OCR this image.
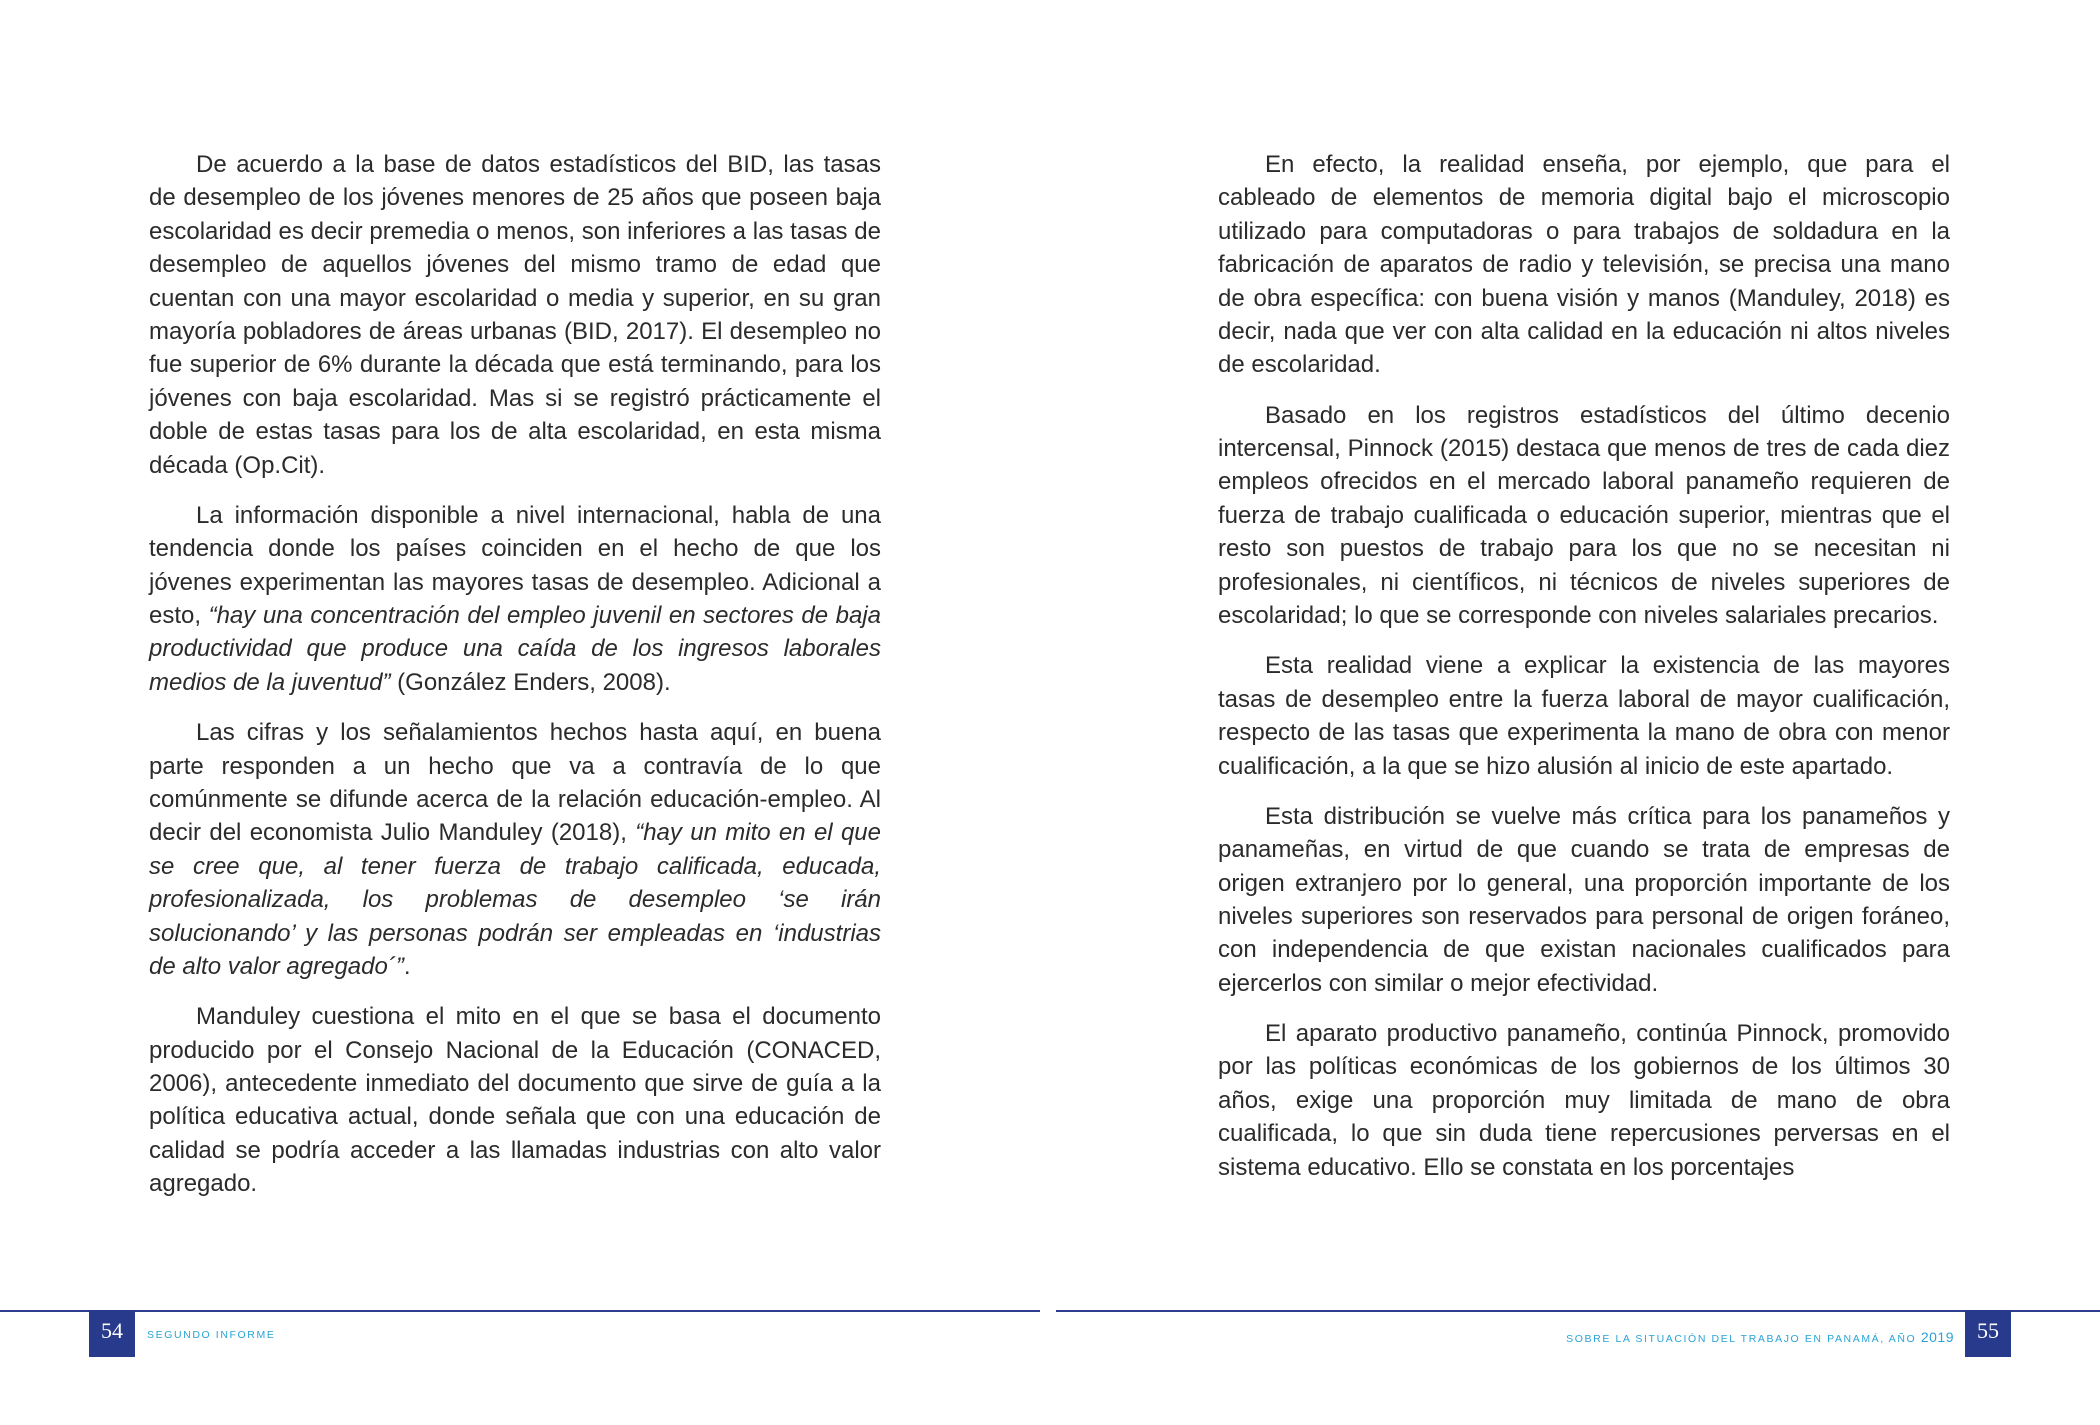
De acuerdo a la base de datos estadísticos del BID, las tasas de desempleo de los jóvenes menores de 25 años que poseen baja escolaridad es decir premedia o menos, son inferiores a las tasas de desempleo de aquellos jóvenes del mismo tramo de edad que cuentan con una mayor escolaridad o media y superior, en su gran mayoría pobladores de áreas urbanas (BID, 2017). El desempleo no fue superior de 6% durante la década que está terminando, para los jóvenes con baja escolaridad. Mas si se registró prácticamente el doble de estas tasas para los de alta escolaridad, en esta misma década (Op.Cit).

La información disponible a nivel internacional, habla de una tendencia donde los países coinciden en el hecho de que los jóvenes experimentan las mayores tasas de desempleo. Adicional a esto, “hay una concentración del empleo juvenil en sectores de baja productividad que produce una caída de los ingresos laborales medios de la juventud” (González Enders, 2008).

Las cifras y los señalamientos hechos hasta aquí, en buena parte responden a un hecho que va a contravía de lo que comúnmente se difunde acerca de la relación educación-empleo. Al decir del economista Julio Manduley (2018), “hay un mito en el que se cree que, al tener fuerza de trabajo calificada, educada, profesionalizada, los problemas de desempleo ‘se irán solucionando’ y las personas podrán ser empleadas en ‘industrias de alto valor agregado´”.

Manduley cuestiona el mito en el que se basa el documento producido por el Consejo Nacional de la Educación (CONACED, 2006), antecedente inmediato del documento que sirve de guía a la política educativa actual, donde señala que con una educación de calidad se podría acceder a las llamadas industrias con alto valor agregado.

54	SEGUNDO INFORME

En efecto, la realidad enseña, por ejemplo, que para el cableado de elementos de memoria digital bajo el microscopio utilizado para computadoras o para trabajos de soldadura en la fabricación de aparatos de radio y televisión, se precisa una mano de obra específica: con buena visión y manos (Manduley, 2018) es decir, nada que ver con alta calidad en la educación ni altos niveles de escolaridad.

Basado en los registros estadísticos del último decenio intercensal, Pinnock (2015) destaca que menos de tres de cada diez empleos ofrecidos en el mercado laboral panameño requieren de fuerza de trabajo cualificada o educación superior, mientras que el resto son puestos de trabajo para los que no se necesitan ni profesionales, ni científicos, ni técnicos de niveles superiores de escolaridad; lo que se corresponde con niveles salariales precarios.

Esta realidad viene a explicar la existencia de las mayores tasas de desempleo entre la fuerza laboral de mayor cualificación, respecto de las tasas que experimenta la mano de obra con menor cualificación, a la que se hizo alusión al inicio de este apartado.

Esta distribución se vuelve más crítica para los panameños y panameñas, en virtud de que cuando se trata de empresas de origen extranjero por lo general, una proporción importante de los niveles superiores son reservados para personal de origen foráneo, con independencia de que existan nacionales cualificados para ejercerlos con similar o mejor efectividad.

El aparato productivo panameño, continúa Pinnock, promovido por las políticas económicas de los gobiernos de los últimos 30 años, exige una proporción muy limitada de mano de obra cualificada, lo que sin duda tiene repercusiones perversas en el sistema educativo. Ello se constata en los porcentajes

SOBRE LA SITUACIÓN DEL TRABAJO EN PANAMÁ, AÑO 2019	55
